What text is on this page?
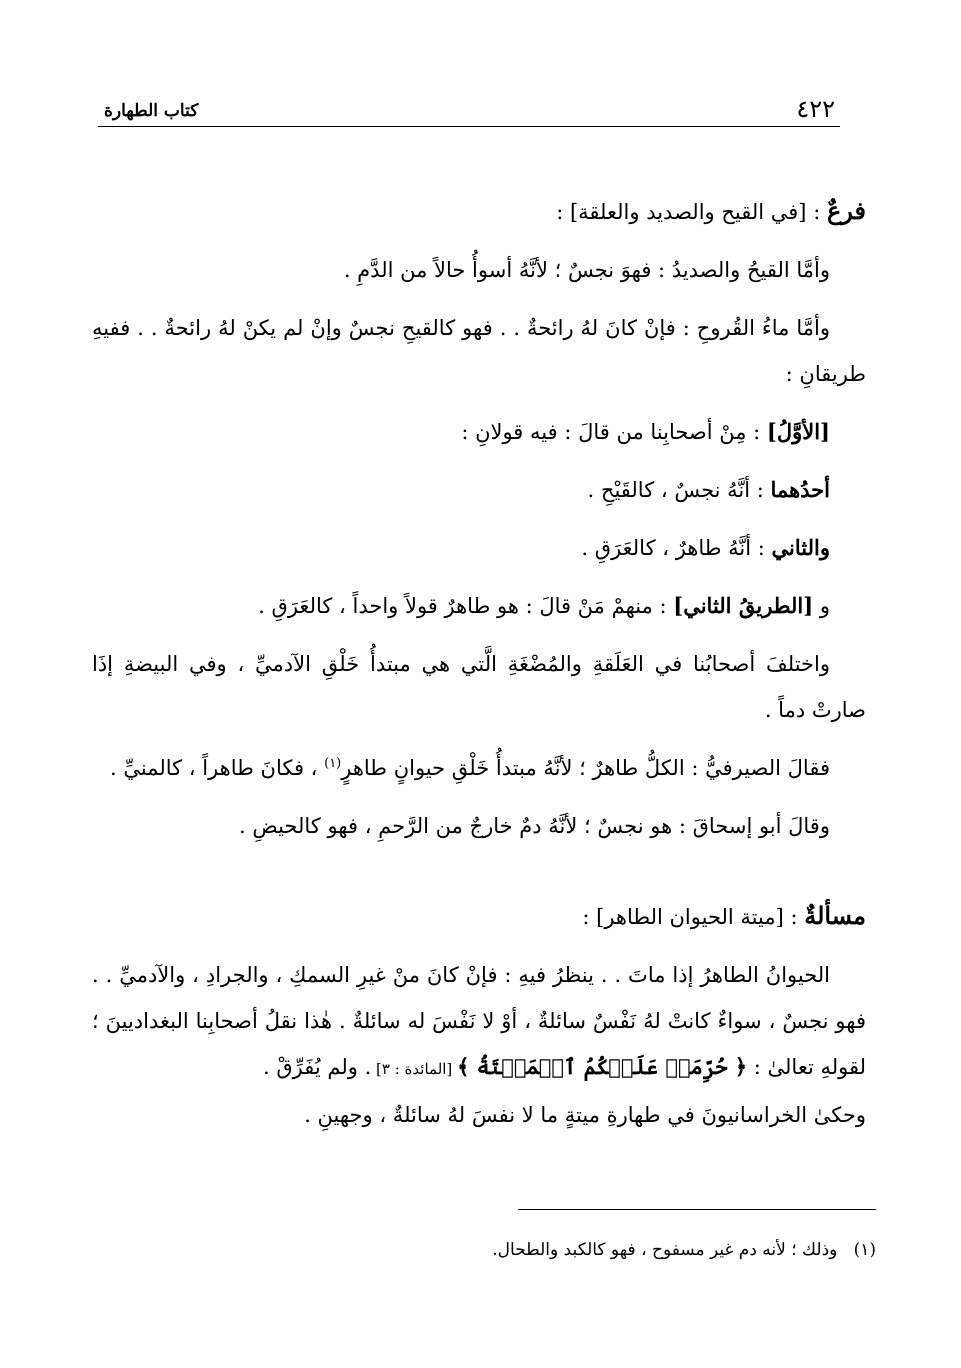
كتاب الطهارة	٤٢٢

فرعٌ : [في القيح والصديد والعلقة] :

وأمَّا القيحُ والصديدُ : فهوَ نجسٌ ؛ لأنَّهُ أسوأُ حالاً من الدَّمِ .

وأمَّا ماءُ القُروحِ : فإنْ كانَ لهُ رائحةٌ . . فهو كالقيحِ نجسٌ وإنْ لم يكنْ لهُ رائحةٌ . . ففيهِ طريقانِ :

[الأوَّلُ] : مِنْ أصحابِنا من قالَ : فيه قولانِ :

أحدُهما : أنَّهُ نجسٌ ، كالقَيْحِ .

والثاني : أنَّهُ طاهرٌ ، كالعَرَقِ .

و [الطريقُ الثاني] : منهمْ مَنْ قالَ : هو طاهرٌ قولاً واحداً ، كالعَرَقِ .

واختلفَ أصحابُنا في العَلَقةِ والمُضْغَةِ الَّتي هي مبتدأُ خَلْقِ الآدميِّ ، وفي البيضةِ إذَا صارتْ دماً .

فقالَ الصيرفيُّ : الكلُّ طاهرٌ ؛ لأنَّهُ مبتدأُ خَلْقِ حيوانٍ طاهرٍ$^{(١)}$ ، فكانَ طاهراً ، كالمنيِّ .

وقالَ أبو إسحاقَ : هو نجسٌ ؛ لأنَّهُ دمٌ خارجٌ من الرَّحمِ ، فهو كالحيضِ .

مسألةٌ : [ميتة الحيوان الطاهر] :

الحيوانُ الطاهرُ إذا ماتَ . . ينظرُ فيهِ : فإنْ كانَ منْ غيرِ السمكِ ، والجرادِ ، والآدميِّ . . فهو نجسٌ ، سواءٌ كانتْ لهُ نَفْسٌ سائلةٌ ، أوْ لا نَفْسَ له سائلةٌ . هٰذا نقلُ أصحابِنا البغداديينَ ؛ لقولهِ تعالىٰ : ﴿ حُرِّمَتۡ عَلَيۡكُمُ ٱلۡمَيۡتَةُ ﴾ [المائدة : ٣] . ولم يُفَرِّقْ .

وحكىٰ الخراسانيونَ في طهارةِ ميتةٍ ما لا نفسَ لهُ سائلةٌ ، وجهينِ .

(١)   وذلك ؛ لأنه دم غير مسفوح ، فهو كالكبد والطحال.
